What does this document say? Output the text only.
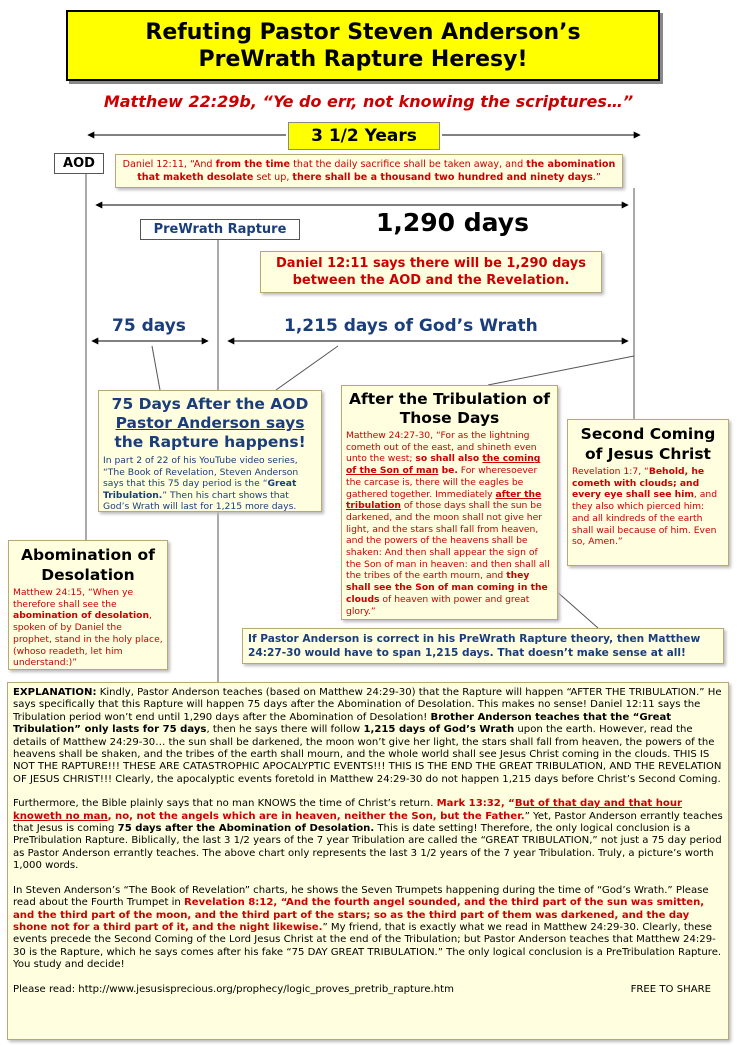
Refuting Pastor Steven Anderson’s
PreWrath Rapture Heresy!
Matthew 22:29b, “Ye do err, not knowing the scriptures…”
3 1/2 Years
AOD	Daniel 12:11, “And from the time that the daily sacrifice shall be taken away, and the abomination that maketh desolate set up, there shall be a thousand two hundred and ninety days.”
PreWrath Rapture	1,290 days
Daniel 12:11 says there will be 1,290 days between the AOD and the Revelation.
75 days	1,215 days of God’s Wrath
75 Days After the AOD
Pastor Anderson says
the Rapture happens!
In part 2 of 22 of his YouTube video series, “The Book of Revelation, Steven Anderson says that this 75 day period is the “Great Tribulation.” Then his chart shows that God’s Wrath will last for 1,215 more days.
After the Tribulation of Those Days
Matthew 24:27-30, “For as the lightning cometh out of the east, and shineth even unto the west; so shall also the coming of the Son of man be. For wheresoever the carcase is, there will the eagles be gathered together. Immediately after the tribulation of those days shall the sun be darkened, and the moon shall not give her light, and the stars shall fall from heaven, and the powers of the heavens shall be shaken: And then shall appear the sign of the Son of man in heaven: and then shall all the tribes of the earth mourn, and they shall see the Son of man coming in the clouds of heaven with power and great glory.”
Second Coming of Jesus Christ
Revelation 1:7, “Behold, he cometh with clouds; and every eye shall see him, and they also which pierced him: and all kindreds of the earth shall wail because of him. Even so, Amen.”
Abomination of Desolation
Matthew 24:15, “When ye therefore shall see the abomination of desolation, spoken of by Daniel the prophet, stand in the holy place, (whoso readeth, let him understand:)”
If Pastor Anderson is correct in his PreWrath Rapture theory, then Matthew 24:27-30 would have to span 1,215 days. That doesn’t make sense at all!

EXPLANATION: Kindly, Pastor Anderson teaches (based on Matthew 24:29-30) that the Rapture will happen “AFTER THE TRIBULATION.” He says specifically that this Rapture will happen 75 days after the Abomination of Desolation. This makes no sense! Daniel 12:11 says the Tribulation period won’t end until 1,290 days after the Abomination of Desolation! Brother Anderson teaches that the “Great Tribulation” only lasts for 75 days, then he says there will follow 1,215 days of God’s Wrath upon the earth. However, read the details of Matthew 24:29-30… the sun shall be darkened, the moon won’t give her light, the stars shall fall from heaven, the powers of the heavens shall be shaken, and the tribes of the earth shall mourn, and the whole world shall see Jesus Christ coming in the clouds. THIS IS NOT THE RAPTURE!!! THESE ARE CATASTROPHIC APOCALYPTIC EVENTS!!! THIS IS THE END THE GREAT TRIBULATION, AND THE REVELATION OF JESUS CHRIST!!! Clearly, the apocalyptic events foretold in Matthew 24:29-30 do not happen 1,215 days before Christ’s Second Coming.

Furthermore, the Bible plainly says that no man KNOWS the time of Christ’s return. Mark 13:32, “But of that day and that hour knoweth no man, no, not the angels which are in heaven, neither the Son, but the Father.” Yet, Pastor Anderson errantly teaches that Jesus is coming 75 days after the Abomination of Desolation. This is date setting! Therefore, the only logical conclusion is a PreTribulation Rapture. Biblically, the last 3 1/2 years of the 7 year Tribulation are called the “GREAT TRIBULATION,” not just a 75 day period as Pastor Anderson errantly teaches. The above chart only represents the last 3 1/2 years of the 7 year Tribulation. Truly, a picture’s worth 1,000 words.

In Steven Anderson’s “The Book of Revelation” charts, he shows the Seven Trumpets happening during the time of “God’s Wrath.” Please read about the Fourth Trumpet in Revelation 8:12, “And the fourth angel sounded, and the third part of the sun was smitten, and the third part of the moon, and the third part of the stars; so as the third part of them was darkened, and the day shone not for a third part of it, and the night likewise.” My friend, that is exactly what we read in Matthew 24:29-30. Clearly, these events precede the Second Coming of the Lord Jesus Christ at the end of the Tribulation; but Pastor Anderson teaches that Matthew 24:29-30 is the Rapture, which he says comes after his fake “75 DAY GREAT TRIBULATION.” The only logical conclusion is a PreTribulation Rapture. You study and decide!

Please read: http://www.jesusisprecious.org/prophecy/logic_proves_pretrib_rapture.htm	FREE TO SHARE
